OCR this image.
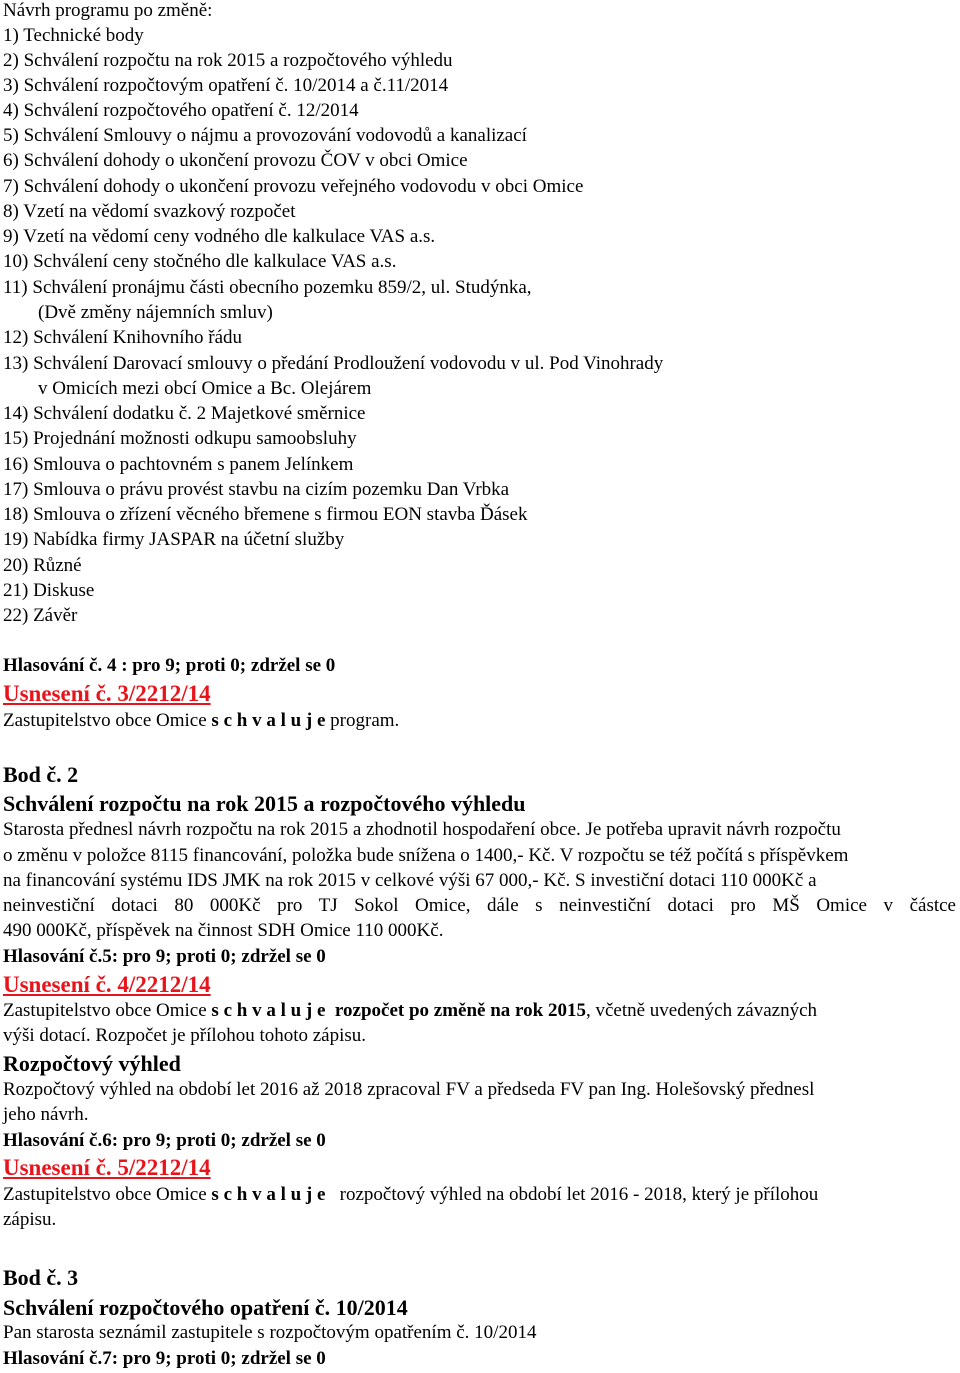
Návrh programu po změně:
1) Technické body
2) Schválení rozpočtu na rok 2015 a rozpočtového výhledu
3) Schválení rozpočtovým opatření č. 10/2014 a č.11/2014
4) Schválení rozpočtového opatření č. 12/2014
5) Schválení Smlouvy o nájmu a provozování vodovodů a kanalizací
6) Schválení dohody o ukončení provozu ČOV v obci Omice
7) Schválení dohody o ukončení provozu veřejného vodovodu v obci Omice
8) Vzetí na vědomí svazkový rozpočet
9) Vzetí na vědomí ceny vodného dle kalkulace VAS a.s.
10) Schválení ceny stočného dle kalkulace VAS a.s.
11) Schválení pronájmu části obecního pozemku 859/2, ul. Studýnka,
(Dvě změny nájemních smluv)
12) Schválení Knihovního řádu
13) Schválení Darovací smlouvy o předání Prodloužení vodovodu v ul. Pod Vinohrady
v Omicích mezi obcí Omice a Bc. Olejárem
14) Schválení dodatku č. 2 Majetkové směrnice
15) Projednání možnosti odkupu samoobsluhy
16) Smlouva o pachtovném s panem Jelínkem
17) Smlouva o právu provést stavbu na cizím pozemku Dan Vrbka
18) Smlouva o zřízení věcného břemene s firmou EON stavba Ďásek
19) Nabídka firmy JASPAR na účetní služby
20) Různé
21) Diskuse
22) Závěr
Hlasování č. 4 : pro 9; proti 0; zdržel se 0
Usnesení č. 3/2212/14
Zastupitelstvo obce Omice s c h v a l u j e program.
Bod č. 2
Schválení rozpočtu na rok 2015 a rozpočtového výhledu
Starosta přednesl návrh rozpočtu na rok 2015 a zhodnotil hospodaření obce. Je potřeba upravit návrh rozpočtu
o změnu v položce 8115 financování, položka bude snížena o 1400,- Kč. V rozpočtu se též počítá s příspěvkem
na financování systému IDS JMK na rok 2015 v celkové výši 67 000,- Kč. S investiční dotaci 110 000Kč a
neinvestiční dotaci 80 000Kč pro TJ Sokol Omice, dále s neinvestiční dotaci pro MŠ Omice v částce
490 000Kč, příspěvek na činnost SDH Omice 110 000Kč.
Hlasování č.5: pro 9; proti 0; zdržel se 0
Usnesení č. 4/2212/14
Zastupitelstvo obce Omice s c h v a l u j e  rozpočet po změně na rok 2015, včetně uvedených závazných
výši dotací. Rozpočet je přílohou tohoto zápisu.
Rozpočtový výhled
Rozpočtový výhled na období let 2016 až 2018 zpracoval FV a předseda FV pan Ing. Holešovský přednesl
jeho návrh.
Hlasování č.6: pro 9; proti 0; zdržel se 0
Usnesení č. 5/2212/14
Zastupitelstvo obce Omice s c h v a l u j e   rozpočtový výhled na období let 2016 - 2018, který je přílohou
zápisu.
Bod č. 3
Schválení rozpočtového opatření č. 10/2014
Pan starosta seznámil zastupitele s rozpočtovým opatřením č. 10/2014
Hlasování č.7: pro 9; proti 0; zdržel se 0
